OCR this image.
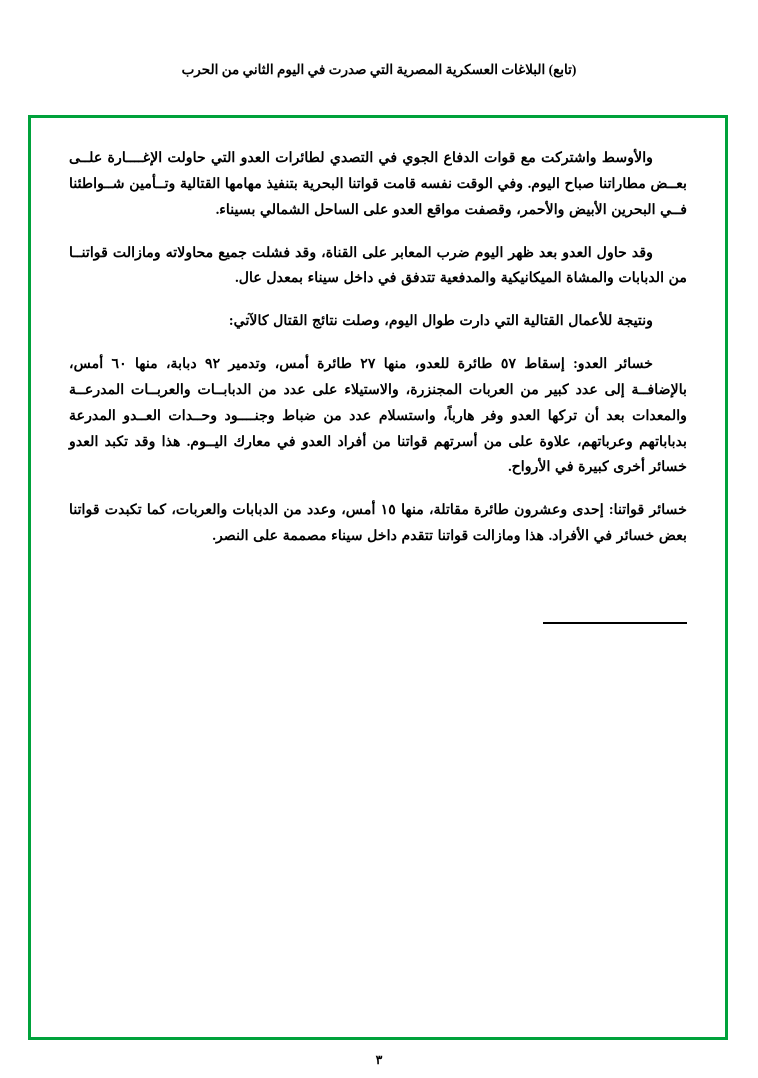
(تابع) البلاغات العسكرية المصرية التي صدرت في اليوم الثاني من الحرب

والأوسط واشتركت مع قوات الدفاع الجوي في التصدي لطائرات العدو التي حاولت الإغــــارة علــى بعــض مطاراتنا صباح اليوم. وفي الوقت نفسه قامت قواتنا البحرية بتنفيذ مهامها القتالية وتــأمين شــواطئنا فــي البحرين الأبيض والأحمر، وقصفت مواقع العدو على الساحل الشمالي بسيناء.

وقد حاول العدو بعد ظهر اليوم ضرب المعابر على القناة، وقد فشلت جميع محاولاته ومازالت قواتنــا من الدبابات والمشاة الميكانيكية والمدفعية تتدفق في داخل سيناء بمعدل عال.

ونتيجة للأعمال القتالية التي دارت طوال اليوم، وصلت نتائج القتال كالآتي:

خسائر العدو: إسقاط ٥٧ طائرة للعدو، منها ٢٧ طائرة أمس، وتدمير ٩٢ دبابة، منها ٦٠ أمس، بالإضافــة إلى عدد كبير من العربات المجنزرة، والاستيلاء على عدد من الدبابــات والعربــات المدرعــة والمعدات بعد أن تركها العدو وفر هارباً، واستسلام عدد من ضباط وجنــــود وحــدات العــدو المدرعة بدباباتهم وعرباتهم، علاوة على من أسرتهم قواتنا من أفراد العدو في معارك اليــوم. هذا وقد تكبد العدو خسائر أخرى كبيرة في الأرواح.

خسائر قواتنا: إحدى وعشرون طائرة مقاتلة، منها ١٥ أمس، وعدد من الدبابات والعربات، كما تكبدت قواتنا بعض خسائر في الأفراد. هذا ومازالت قواتنا تتقدم داخل سيناء مصممة على النصر.

٣
